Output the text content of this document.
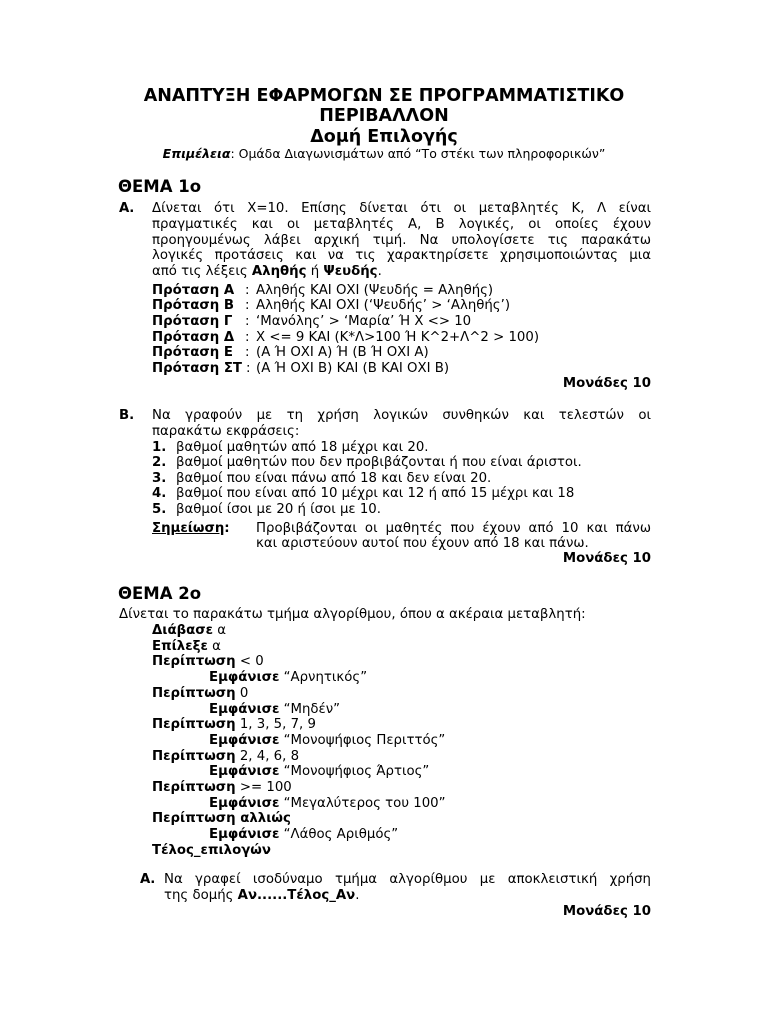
ΑΝΑΠΤΥΞΗ ΕΦΑΡΜΟΓΩΝ ΣΕ ΠΡΟΓΡΑΜΜΑΤΙΣΤΙΚΟ
ΠΕΡΙΒΑΛΛΟΝ
Δομή Επιλογής
Επιμέλεια: Ομάδα Διαγωνισμάτων από “Το στέκι των πληροφορικών”
ΘΕΜΑ 1ο
Α. Δίνεται ότι X=10. Επίσης δίνεται ότι οι μεταβλητές Κ, Λ είναι
πραγματικές και οι μεταβλητές Α, Β λογικές, οι οποίες έχουν
προηγουμένως λάβει αρχική τιμή. Να υπολογίσετε τις παρακάτω
λογικές προτάσεις και να τις χαρακτηρίσετε χρησιμοποιώντας μια
από τις λέξεις Αληθής ή Ψευδής.
Πρόταση Α : Αληθής ΚΑΙ ΟΧΙ (Ψευδής = Αληθής)
Πρόταση Β : Αληθής ΚΑΙ ΟΧΙ (‘Ψευδής’ > ‘Αληθής’)
Πρόταση Γ : ‘Μανόλης’ > ‘Μαρία’ Ή X <> 10
Πρόταση Δ : X <= 9 ΚΑΙ (Κ*Λ>100 Ή Κ^2+Λ^2 > 100)
Πρόταση Ε : (Α Ή ΟΧΙ Α) Ή (Β Ή ΟΧΙ Α)
Πρόταση ΣΤ : (Α Ή ΟΧΙ Β) ΚΑΙ (Β ΚΑΙ ΟΧΙ Β)
Μονάδες 10
Β. Να γραφούν με τη χρήση λογικών συνθηκών και τελεστών οι
παρακάτω εκφράσεις:
1. βαθμοί μαθητών από 18 μέχρι και 20.
2. βαθμοί μαθητών που δεν προβιβάζονται ή που είναι άριστοι.
3. βαθμοί που είναι πάνω από 18 και δεν είναι 20.
4. βαθμοί που είναι από 10 μέχρι και 12 ή από 15 μέχρι και 18
5. βαθμοί ίσοι με 20 ή ίσοι με 10.
Σημείωση: Προβιβάζονται οι μαθητές που έχουν από 10 και πάνω
και αριστεύουν αυτοί που έχουν από 18 και πάνω.
Μονάδες 10
ΘΕΜΑ 2ο
Δίνεται το παρακάτω τμήμα αλγορίθμου, όπου α ακέραια μεταβλητή:
Διάβασε α
Επίλεξε α
Περίπτωση < 0
Εμφάνισε “Αρνητικός”
Περίπτωση 0
Εμφάνισε “Μηδέν”
Περίπτωση 1, 3, 5, 7, 9
Εμφάνισε “Μονοψήφιος Περιττός”
Περίπτωση 2, 4, 6, 8
Εμφάνισε “Μονοψήφιος Άρτιος”
Περίπτωση >= 100
Εμφάνισε “Μεγαλύτερος του 100”
Περίπτωση αλλιώς
Εμφάνισε “Λάθος Αριθμός”
Τέλος_επιλογών
Α. Να γραφεί ισοδύναμο τμήμα αλγορίθμου με αποκλειστική χρήση
της δομής Αν......Τέλος_Αν.
Μονάδες 10
